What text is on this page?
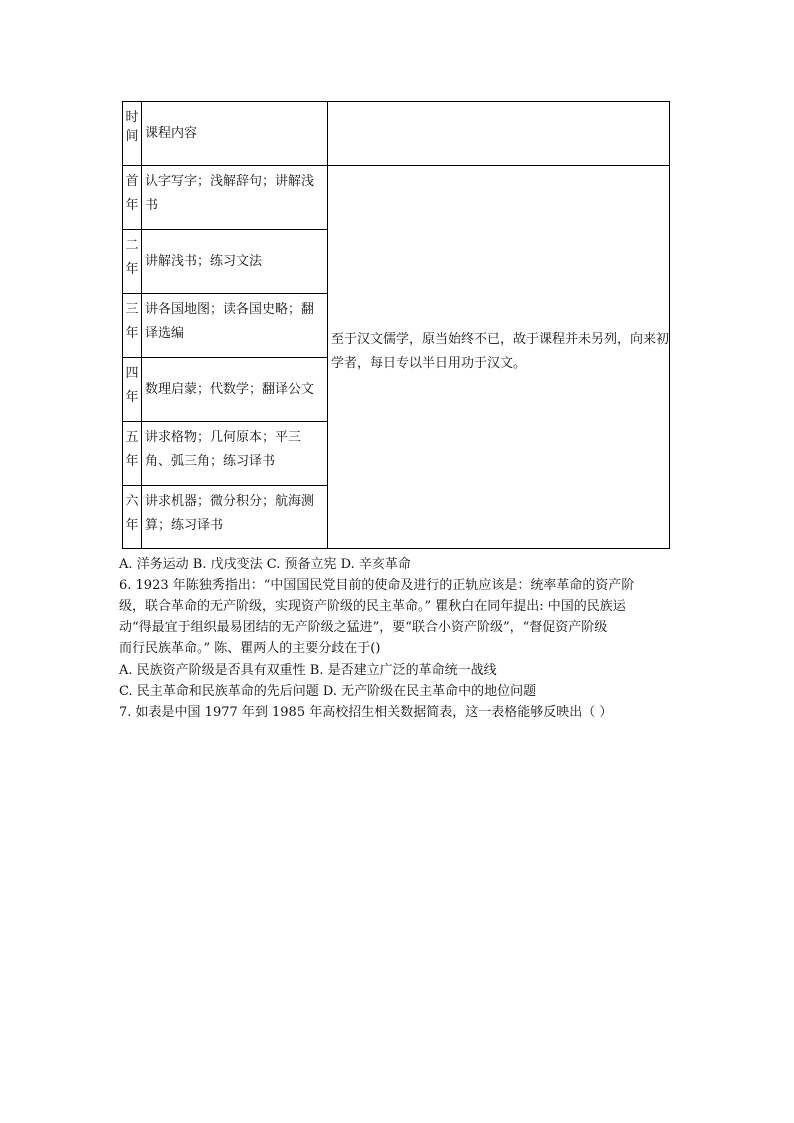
时间 课程内容
首年
认字写字；浅解辞句；讲解浅书
二年
讲解浅书；练习文法
三年
讲各国地图；读各国史略；翻译选编
四年
数理启蒙；代数学；翻译公文
五年
讲求格物；几何原本；平三角、弧三角；练习译书
六年
讲求机器；微分积分；航海测算；练习译书
至于汉文儒学，原当始终不已，故于课程并未另列，向来初学者，每日专以半日用功于汉文。
A. 洋务运动 B. 戊戌变法 C. 预备立宪 D. 辛亥革命
6. 1923 年陈独秀指出：“中国国民党目前的使命及进行的正轨应该是：统率革命的资产阶
级，联合革命的无产阶级，实现资产阶级的民主革命。” 瞿秋白在同年提出: 中国的民族运
动“得最宜于组织最易团结的无产阶级之猛进”，要“联合小资产阶级”，“督促资产阶级
而行民族革命。” 陈、瞿两人的主要分歧在于()
A. 民族资产阶级是否具有双重性 B. 是否建立广泛的革命统一战线
C. 民主革命和民族革命的先后问题 D. 无产阶级在民主革命中的地位问题
7. 如表是中国 1977 年到 1985 年高校招生相关数据简表，这一表格能够反映出（ ）
